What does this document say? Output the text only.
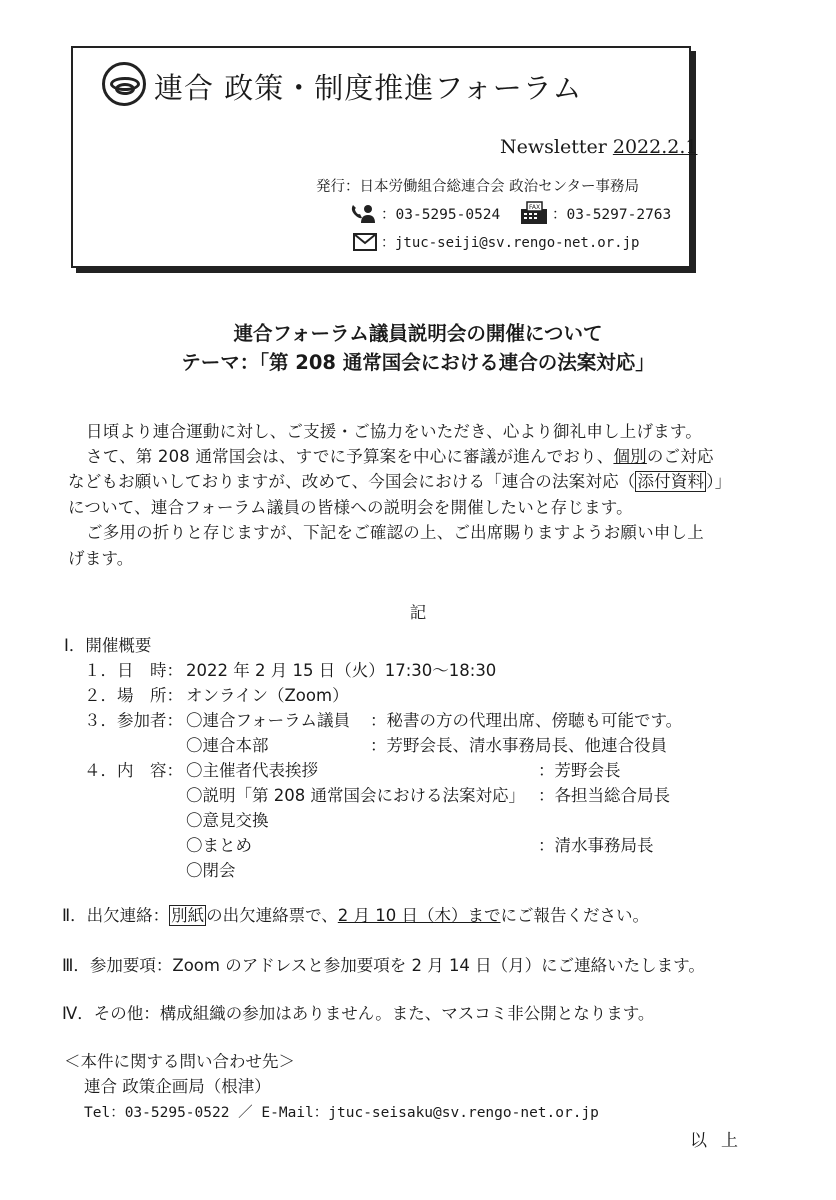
連合 政策・制度推進フォーラム
Newsletter 2022.2.1
発行：日本労働組合総連合会 政治センター事務局
：03-5295-0524	FAX ：03-5297-2763
：jtuc-seiji@sv.rengo-net.or.jp
連合フォーラム議員説明会の開催について
テーマ：「第 208 通常国会における連合の法案対応」
日頃より連合運動に対し、ご支援・ご協力をいただき、心より御礼申し上げます。
さて、第 208 通常国会は、すでに予算案を中心に審議が進んでおり、個別のご対応
などもお願いしておりますが、改めて、今国会における「連合の法案対応（ 添付資料 ）」
について、連合フォーラム議員の皆様への説明会を開催したいと存じます。
ご多用の折りと存じますが、下記をご確認の上、ご出席賜りますようお願い申し上
げます。
記
Ⅰ．開催概要
１．日　時： 2022 年 2 月 15 日（火）17:30～18:30
２．場　所： オンライン（Zoom）
３．参加者： 〇連合フォーラム議員 ：秘書の方の代理出席、傍聴も可能です。
〇連合本部	：芳野会長、清水事務局長、他連合役員
４．内　容： 〇主催者代表挨拶	：芳野会長
〇説明「第 208 通常国会における法案対応」 ：各担当総合局長
〇意見交換
〇まとめ	：清水事務局長
〇閉会
Ⅱ．出欠連絡： 別紙 の出欠連絡票で、2 月 10 日（木）までにご報告ください。
Ⅲ．参加要項：Zoom のアドレスと参加要項を 2 月 14 日（月）にご連絡いたします。
Ⅳ．その他：構成組織の参加はありません。また、マスコミ非公開となります。
＜本件に関する問い合わせ先＞
連合 政策企画局（根津）
Tel：03-5295-0522 ／ E-Mail：jtuc-seisaku@sv.rengo-net.or.jp
以上
